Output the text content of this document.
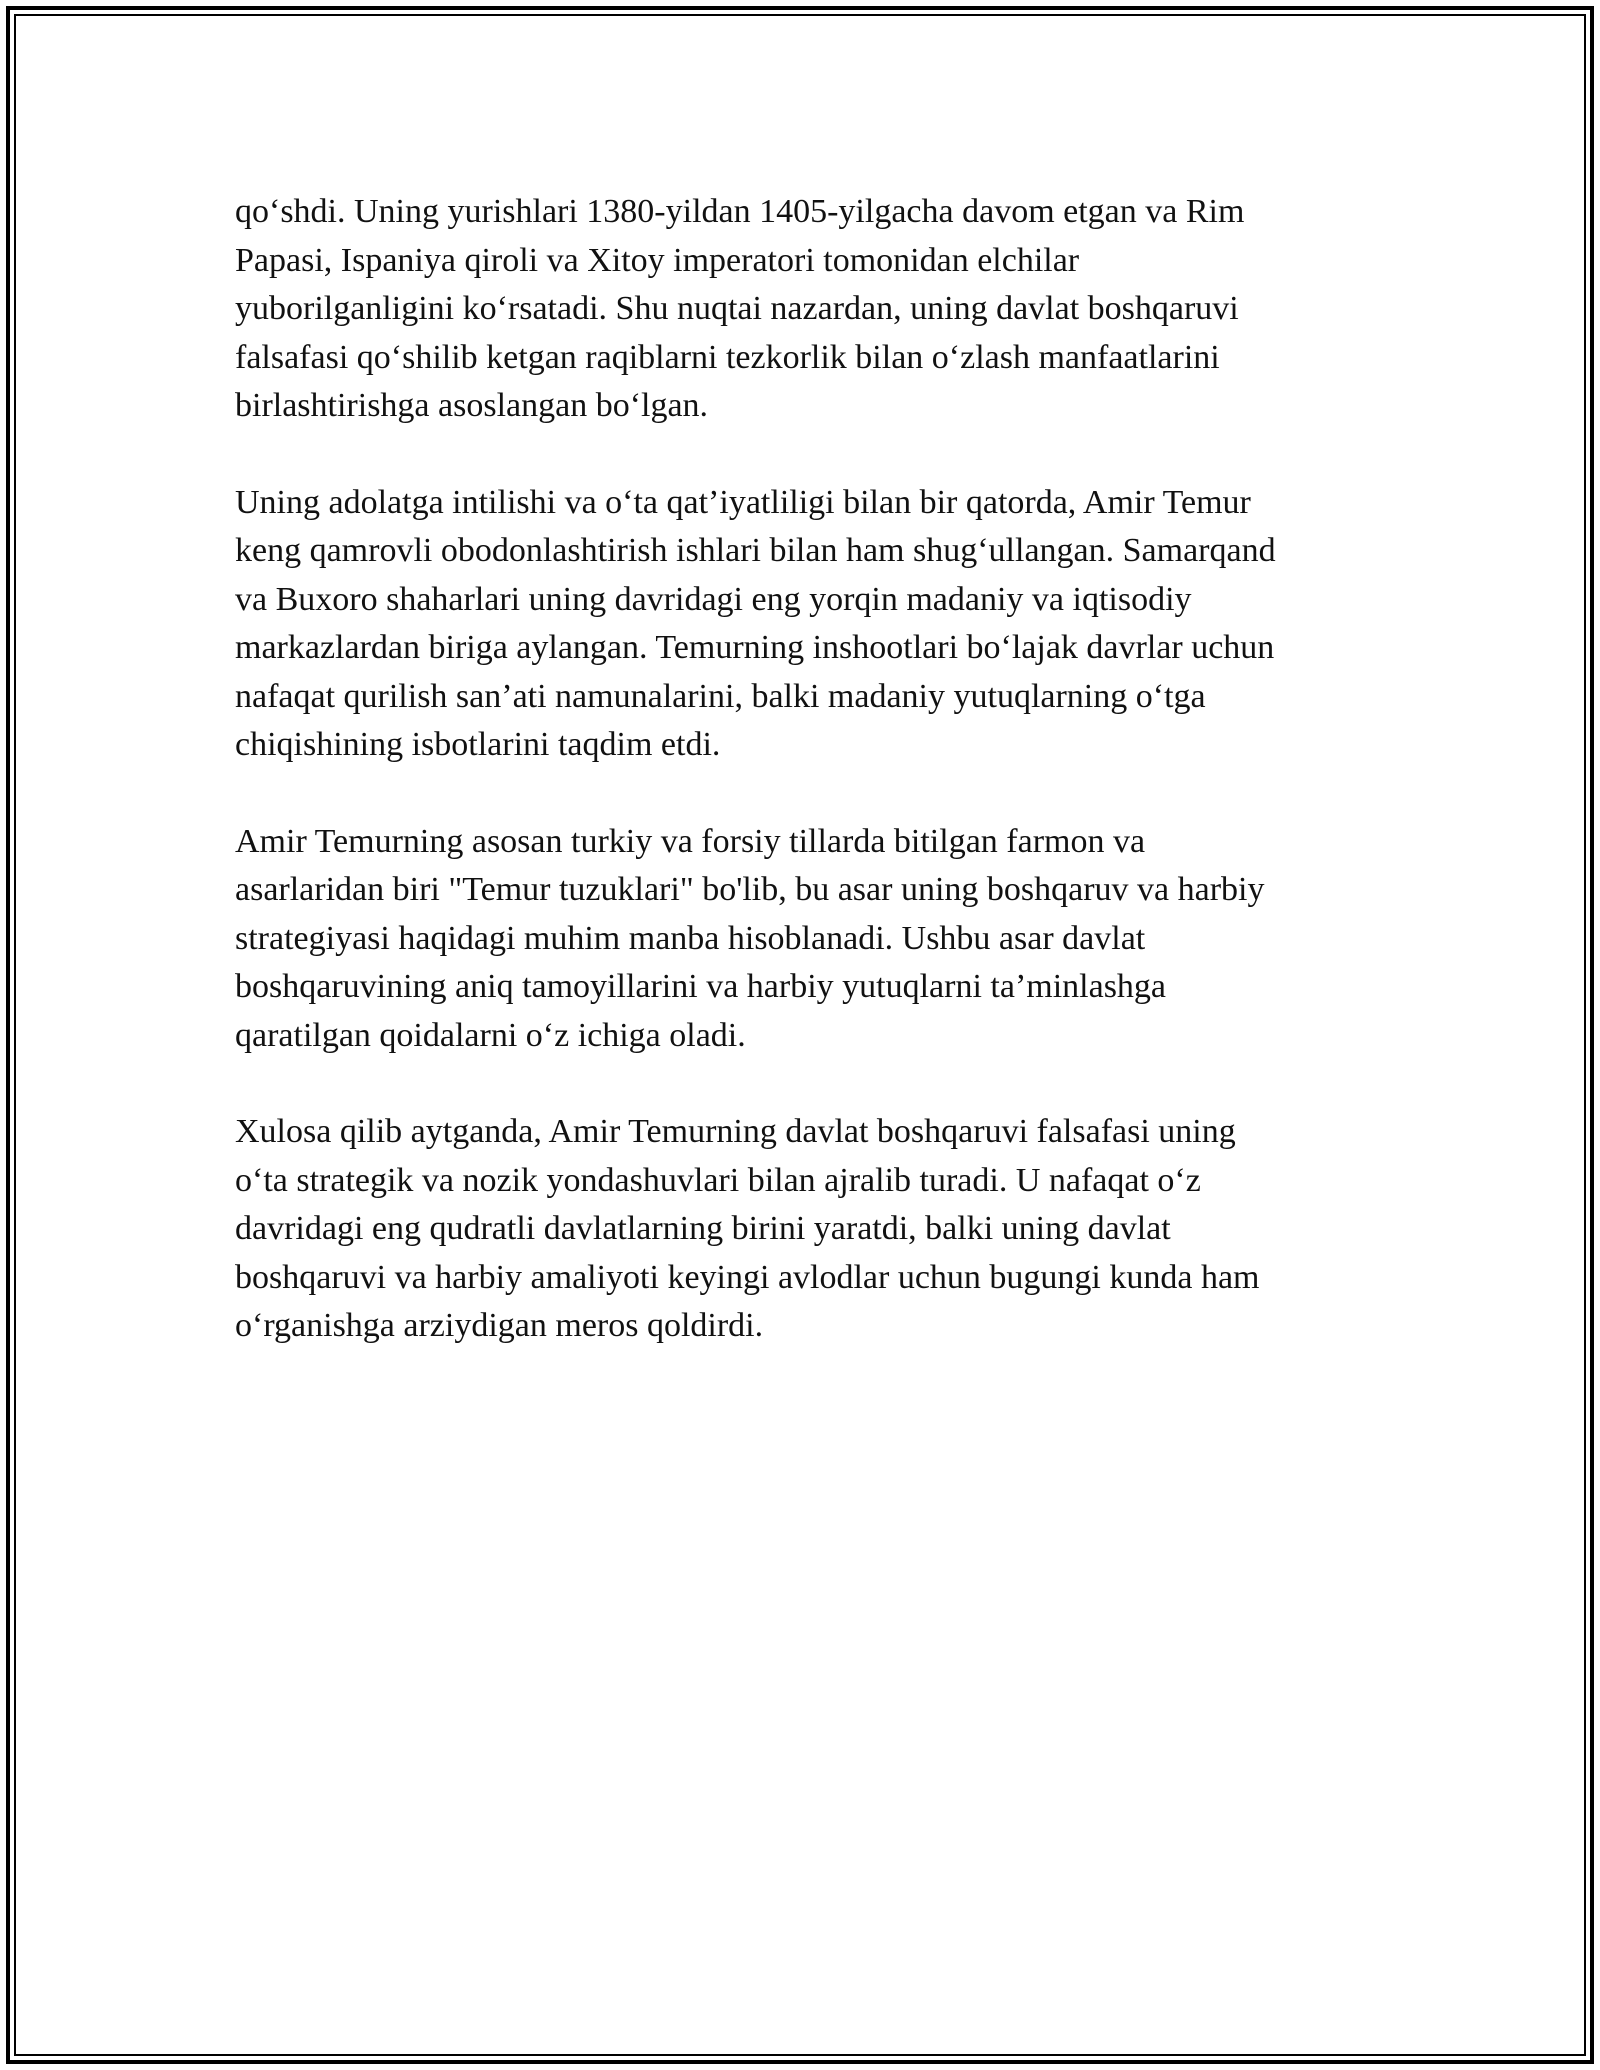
qo‘shdi. Uning yurishlari 1380-yildan 1405-yilgacha davom etgan va Rim
Papasi, Ispaniya qiroli va Xitoy imperatori tomonidan elchilar
yuborilganligini ko‘rsatadi. Shu nuqtai nazardan, uning davlat boshqaruvi
falsafasi qo‘shilib ketgan raqiblarni tezkorlik bilan o‘zlash manfaatlarini
birlashtirishga asoslangan bo‘lgan.

Uning adolatga intilishi va o‘ta qat’iyatliligi bilan bir qatorda, Amir Temur
keng qamrovli obodonlashtirish ishlari bilan ham shug‘ullangan. Samarqand
va Buxoro shaharlari uning davridagi eng yorqin madaniy va iqtisodiy
markazlardan biriga aylangan. Temurning inshootlari bo‘lajak davrlar uchun
nafaqat qurilish san’ati namunalarini, balki madaniy yutuqlarning o‘tga
chiqishining isbotlarini taqdim etdi.

Amir Temurning asosan turkiy va forsiy tillarda bitilgan farmon va
asarlaridan biri "Temur tuzuklari" bo'lib, bu asar uning boshqaruv va harbiy
strategiyasi haqidagi muhim manba hisoblanadi. Ushbu asar davlat
boshqaruvining aniq tamoyillarini va harbiy yutuqlarni ta’minlashga
qaratilgan qoidalarni o‘z ichiga oladi.

Xulosa qilib aytganda, Amir Temurning davlat boshqaruvi falsafasi uning
o‘ta strategik va nozik yondashuvlari bilan ajralib turadi. U nafaqat o‘z
davridagi eng qudratli davlatlarning birini yaratdi, balki uning davlat
boshqaruvi va harbiy amaliyoti keyingi avlodlar uchun bugungi kunda ham
o‘rganishga arziydigan meros qoldirdi.
